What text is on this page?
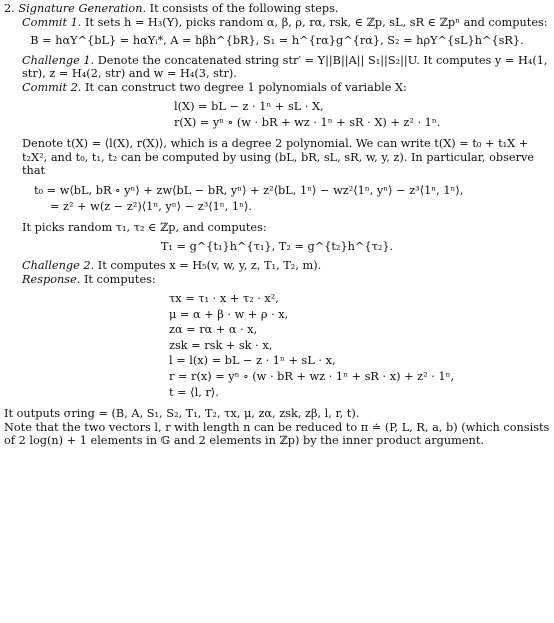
2. Signature Generation. It consists of the following steps.
Commit 1. It sets h = H₃(Y), picks random α, β, ρ, rα, rsk, ∈ ℤp, sL, sR ∈ ℤpⁿ and computes:
B = hαY^{bL} = hαYᵢ*, A = hβh^{bR}, S₁ = h^{rα}g^{rα}, S₂ = hρY^{sL}h^{sR}.
Challenge 1. Denote the concatenated string str′ = Y||B||A|| S₁||S₂||U. It computes y = H₄(1, str), z = H₄(2, str) and w = H₄(3, str).
Commit 2. It can construct two degree 1 polynomials of variable X:
l(X) = bL − z · 1ⁿ + sL · X,
r(X) = yⁿ ∘ (w · bR + wz · 1ⁿ + sR · X) + z² · 1ⁿ.
Denote t(X) = ⟨l(X), r(X)⟩, which is a degree 2 polynomial. We can write t(X) = t₀ + t₁X + t₂X², and t₀, t₁, t₂ can be computed by using (bL, bR, sL, sR, w, y, z). In particular, observe that
t₀ = w⟨bL, bR ∘ yⁿ⟩ + zw⟨bL − bR, yⁿ⟩ + z²⟨bL, 1ⁿ⟩ − wz²⟨1ⁿ, yⁿ⟩ − z³⟨1ⁿ, 1ⁿ⟩,
= z² + w(z − z²)⟨1ⁿ, yⁿ⟩ − z³⟨1ⁿ, 1ⁿ⟩.
It picks random τ₁, τ₂ ∈ ℤp, and computes:
T₁ = g^{t₁}h^{τ₁}, T₂ = g^{t₂}h^{τ₂}.
Challenge 2. It computes x = H₅(v, w, y, z, T₁, T₂, m).
Response. It computes:
τx = τ₁ · x + τ₂ · x²,
μ = α + β · w + ρ · x,
zα = rα + α · x,
zsk = rsk + sk · x,
l = l(x) = bL − z · 1ⁿ + sL · x,
r = r(x) = yⁿ ∘ (w · bR + wz · 1ⁿ + sR · x) + z² · 1ⁿ,
t = ⟨l, r⟩.
It outputs σring = (B, A, S₁, S₂, T₁, T₂, τx, μ, zα, zsk, zβ, l, r, t).
Note that the two vectors l, r with length n can be reduced to π ≐ (P, L, R, a, b) (which consists of 2 log(n) + 1 elements in 𝔾 and 2 elements in ℤp) by the inner product argument.
